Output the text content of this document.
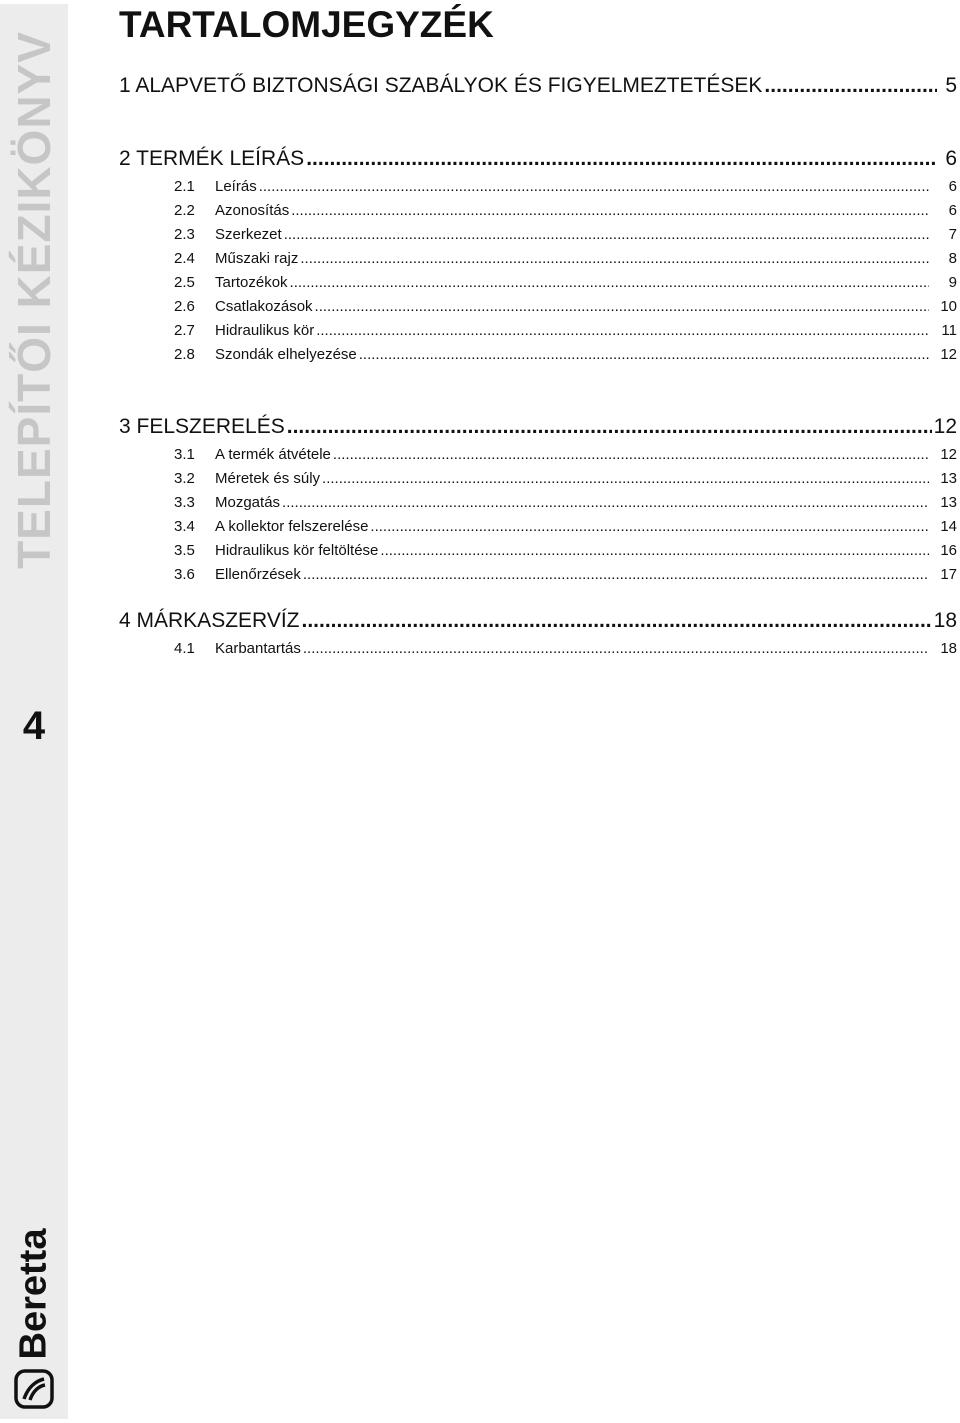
TELEPÍTŐI KÉZIKÖNYV
4
Beretta
TARTALOMJEGYZÉK
1 ALAPVETŐ BIZTONSÁGI SZABÁLYOK ÉS FIGYELMEZTETÉSEK .....	5
2 TERMÉK LEÍRÁS .....	6
2.1	Leírás .....	6
2.2	Azonosítás .....	6
2.3	Szerkezet .....	7
2.4	Műszaki rajz .....	8
2.5	Tartozékok .....	9
2.6	Csatlakozások .....	10
2.7	Hidraulikus kör .....	11
2.8	Szondák elhelyezése .....	12
3 FELSZERELÉS .....	12
3.1	A termék átvétele .....	12
3.2	Méretek és súly .....	13
3.3	Mozgatás .....	13
3.4	A kollektor felszerelése .....	14
3.5	Hidraulikus kör feltöltése .....	16
3.6	Ellenőrzések .....	17
4 MÁRKASZERVÍZ .....	18
4.1	Karbantartás .....	18
